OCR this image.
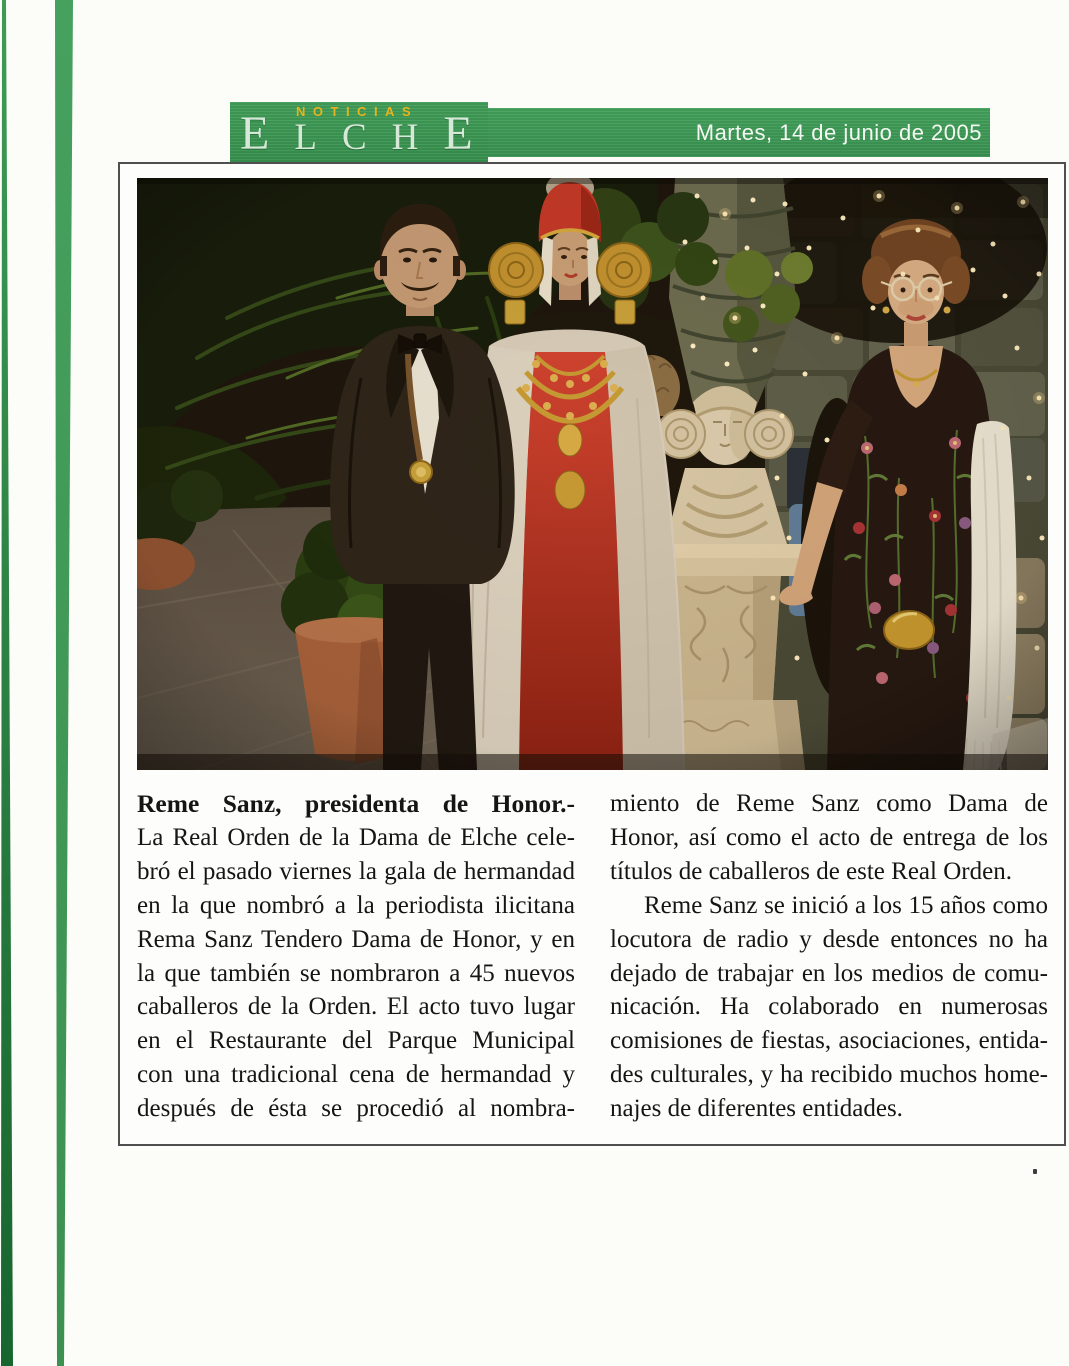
NOTICIAS
E L C H E	Martes, 14 de junio de 2005
Reme Sanz, presidenta de Honor.-
La Real Orden de la Dama de Elche cele-
bró el pasado viernes la gala de hermandad
en la que nombró a la periodista ilicitana
Rema Sanz Tendero Dama de Honor, y en
la que también se nombraron a 45 nuevos
caballeros de la Orden. El acto tuvo lugar
en el Restaurante del Parque Municipal
con una tradicional cena de hermandad y
después de ésta se procedió al nombra-
miento de Reme Sanz como Dama de
Honor, así como el acto de entrega de los
títulos de caballeros de este Real Orden.
Reme Sanz se inició a los 15 años como
locutora de radio y desde entonces no ha
dejado de trabajar en los medios de comu-
nicación. Ha colaborado en numerosas
comisiones de fiestas, asociaciones, entida-
des culturales, y ha recibido muchos home-
najes de diferentes entidades.
